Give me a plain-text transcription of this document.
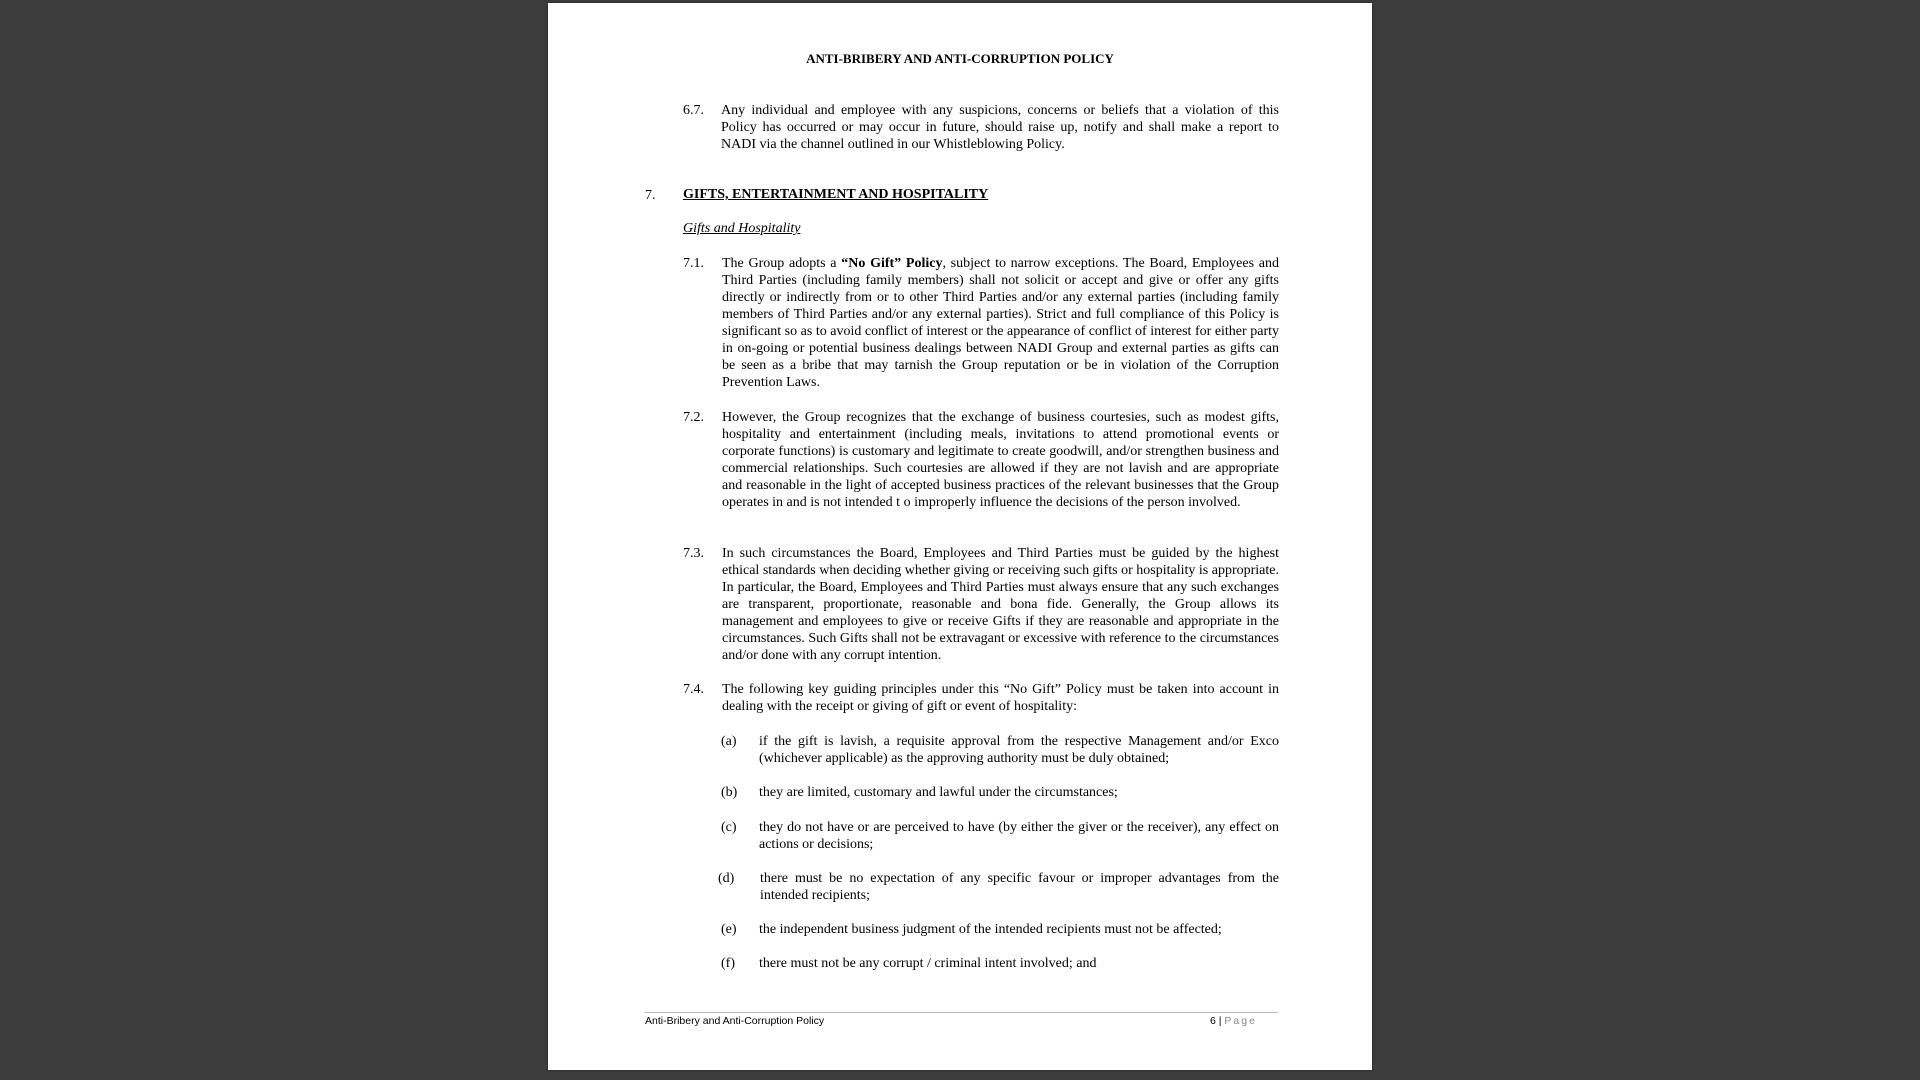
ANTI-BRIBERY AND ANTI-CORRUPTION POLICY
6.7. Any individual and employee with any suspicions, concerns or beliefs that a violation of this Policy has occurred or may occur in future, should raise up, notify and shall make a report to NADI via the channel outlined in our Whistleblowing Policy.

7. GIFTS, ENTERTAINMENT AND HOSPITALITY
Gifts and Hospitality
7.1. The Group adopts a “No Gift” Policy, subject to narrow exceptions. The Board, Employees and Third Parties (including family members) shall not solicit or accept and give or offer any gifts directly or indirectly from or to other Third Parties and/or any external parties (including family members of Third Parties and/or any external parties). Strict and full compliance of this Policy is significant so as to avoid conflict of interest or the appearance of conflict of interest for either party in on-going or potential business dealings between NADI Group and external parties as gifts can be seen as a bribe that may tarnish the Group reputation or be in violation of the Corruption Prevention Laws.

7.2. However, the Group recognizes that the exchange of business courtesies, such as modest gifts, hospitality and entertainment (including meals, invitations to attend promotional events or corporate functions) is customary and legitimate to create goodwill, and/or strengthen business and commercial relationships. Such courtesies are allowed if they are not lavish and are appropriate and reasonable in the light of accepted business practices of the relevant businesses that the Group operates in and is not intended t o improperly influence the decisions of the person involved.

7.3. In such circumstances the Board, Employees and Third Parties must be guided by the highest ethical standards when deciding whether giving or receiving such gifts or hospitality is appropriate. In particular, the Board, Employees and Third Parties must always ensure that any such exchanges are transparent, proportionate, reasonable and bona fide. Generally, the Group allows its management and employees to give or receive Gifts if they are reasonable and appropriate in the circumstances. Such Gifts shall not be extravagant or excessive with reference to the circumstances and/or done with any corrupt intention.

7.4. The following key guiding principles under this “No Gift” Policy must be taken into account in dealing with the receipt or giving of gift or event of hospitality:

(a) if the gift is lavish, a requisite approval from the respective Management and/or Exco (whichever applicable) as the approving authority must be duly obtained;

(b) they are limited, customary and lawful under the circumstances;

(c) they do not have or are perceived to have (by either the giver or the receiver), any effect on actions or decisions;

(d) there must be no expectation of any specific favour or improper advantages from the intended recipients;

(e) the independent business judgment of the intended recipients must not be affected;

(f) there must not be any corrupt / criminal intent involved; and

Anti-Bribery and Anti-Corruption Policy	6 | Page
